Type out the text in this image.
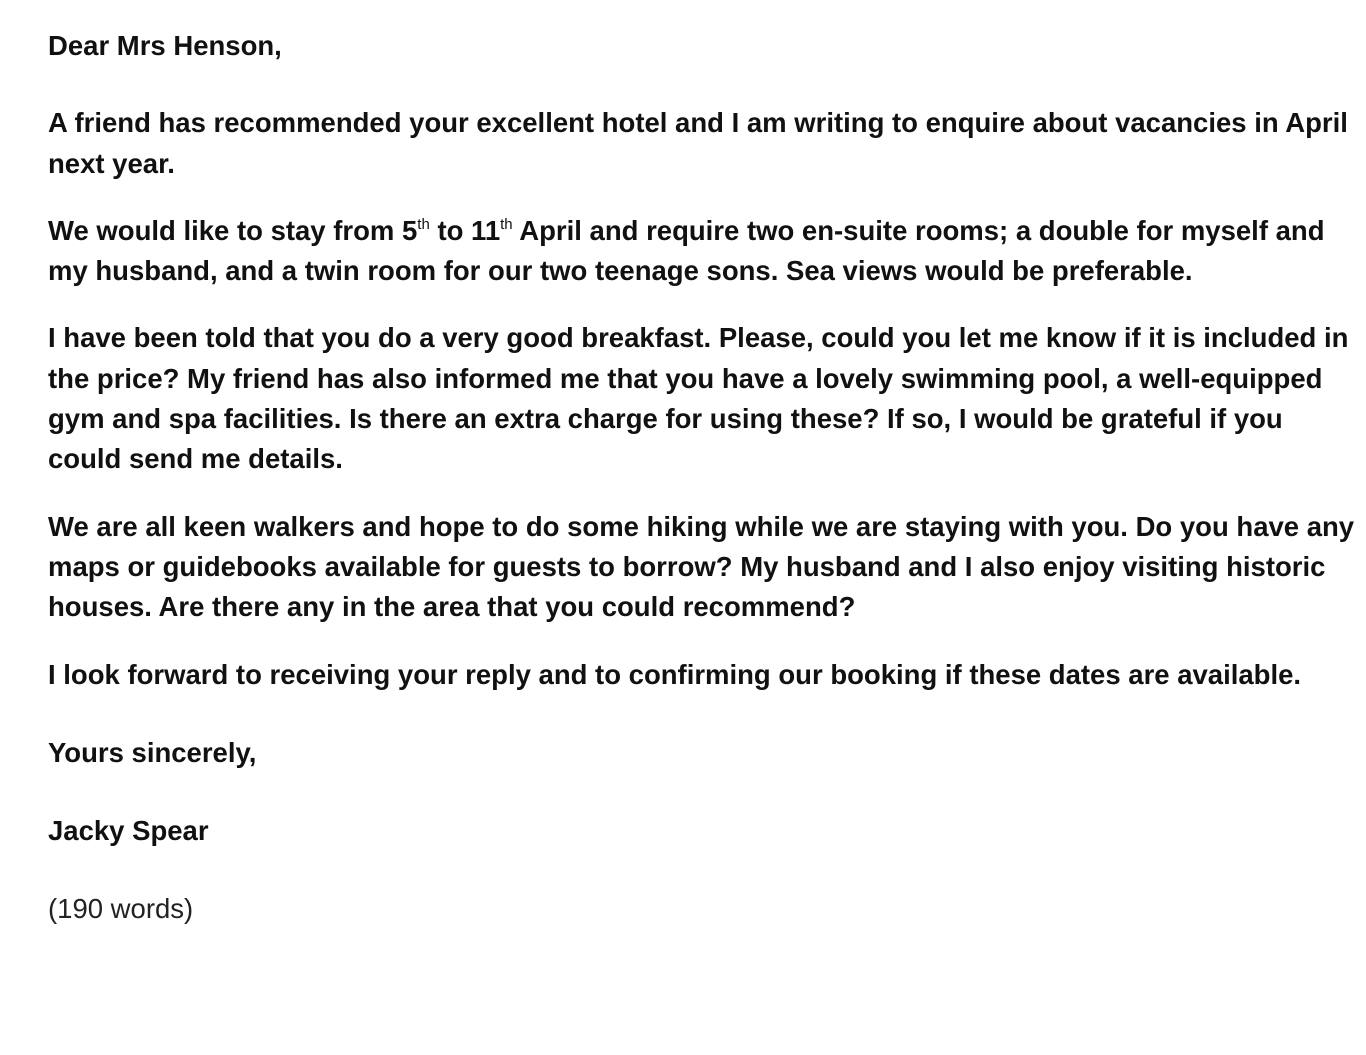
Dear Mrs Henson,

A friend has recommended your excellent hotel and I am writing to enquire about vacancies in April next year.

We would like to stay from 5th to 11th April and require two en-suite rooms; a double for myself and my husband, and a twin room for our two teenage sons. Sea views would be preferable.

I have been told that you do a very good breakfast. Please, could you let me know if it is included in the price? My friend has also informed me that you have a lovely swimming pool, a well-equipped gym and spa facilities. Is there an extra charge for using these? If so, I would be grateful if you could send me details.

We are all keen walkers and hope to do some hiking while we are staying with you. Do you have any maps or guidebooks available for guests to borrow? My husband and I also enjoy visiting historic houses. Are there any in the area that you could recommend?

I look forward to receiving your reply and to confirming our booking if these dates are available.

Yours sincerely,

Jacky Spear

(190 words)
